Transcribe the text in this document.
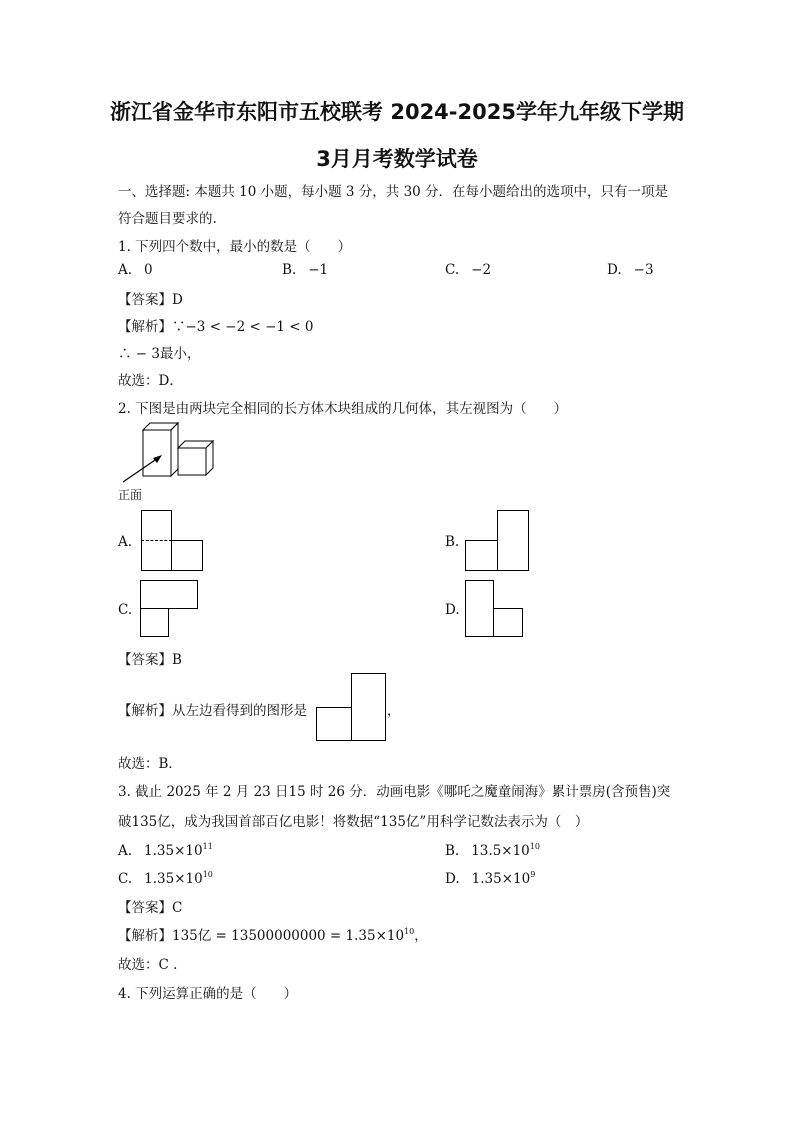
浙江省金华市东阳市五校联考 2024-2025学年九年级下学期
3月月考数学试卷
一、选择题: 本题共 10 小题，每小题 3 分，共 30 分．在每小题给出的选项中，只有一项是
符合题目要求的.
1. 下列四个数中，最小的数是（　　）
A. 0	B. −1	C. −2	D. −3
【答案】D
【解析】∵−3 < −2 < −1 < 0
∴ − 3最小，
故选：D．
2. 下图是由两块完全相同的长方体木块组成的几何体，其左视图为（　　）
正面
A.	B.
C.	D.
【答案】B
【解析】从左边看得到的图形是	，
故选：B．
3. 截止 2025 年 2 月 23 日15 时 26 分．动画电影《哪吒之魔童闹海》累计票房(含预售)突
破135亿，成为我国首部百亿电影！将数据“135亿”用科学记数法表示为（　）
A. $1.35\times 10^{11}$	B. $13.5\times 10^{10}$
C. $1.35\times 10^{10}$	D. $1.35\times 10^9$
【答案】C
【解析】135亿 = $13500000000 = 1.35\times 10^{10}$，
故选：C .
4. 下列运算正确的是（　　）
